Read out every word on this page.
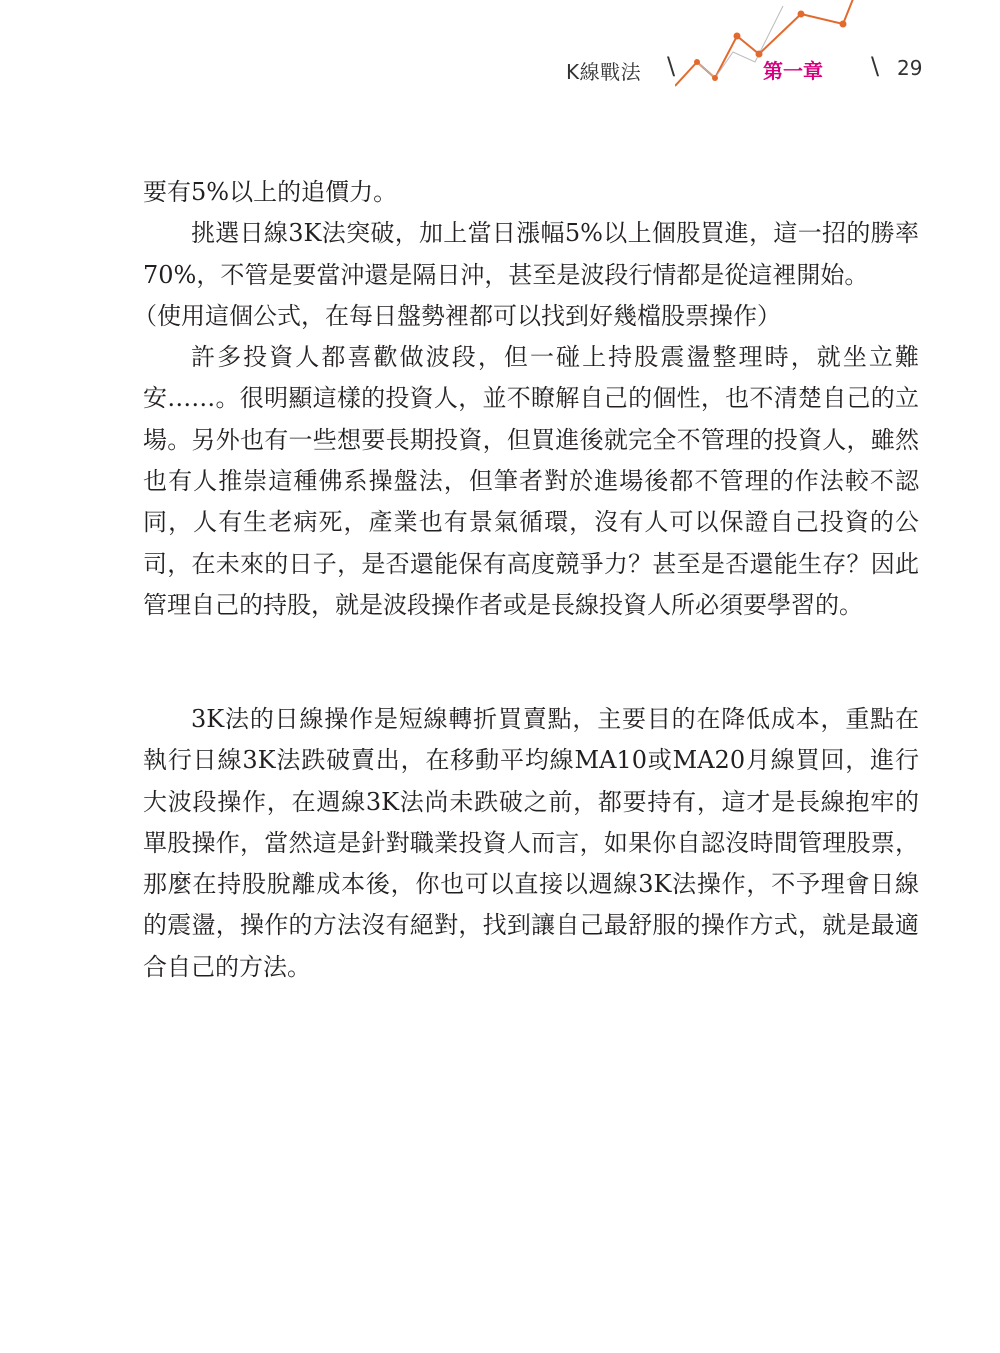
K線戰法 \	第一章 \ 29

要有5%以上的追價力。

挑選日線3K法突破，加上當日漲幅5%以上個股買進，這一招的勝率70%，不管是要當沖還是隔日沖，甚至是波段行情都是從這裡開始。

（使用這個公式，在每日盤勢裡都可以找到好幾檔股票操作）

許多投資人都喜歡做波段，但一碰上持股震盪整理時，就坐立難安……。很明顯這樣的投資人，並不瞭解自己的個性，也不清楚自己的立場。另外也有一些想要長期投資，但買進後就完全不管理的投資人，雖然也有人推崇這種佛系操盤法，但筆者對於進場後都不管理的作法較不認同，人有生老病死，產業也有景氣循環，沒有人可以保證自己投資的公司，在未來的日子，是否還能保有高度競爭力？甚至是否還能生存？因此管理自己的持股，就是波段操作者或是長線投資人所必須要學習的。

3K法的日線操作是短線轉折買賣點，主要目的在降低成本，重點在執行日線3K法跌破賣出，在移動平均線MA10或MA20月線買回，進行大波段操作，在週線3K法尚未跌破之前，都要持有，這才是長線抱牢的單股操作，當然這是針對職業投資人而言，如果你自認沒時間管理股票，那麼在持股脫離成本後，你也可以直接以週線3K法操作，不予理會日線的震盪，操作的方法沒有絕對，找到讓自己最舒服的操作方式，就是最適合自己的方法。
